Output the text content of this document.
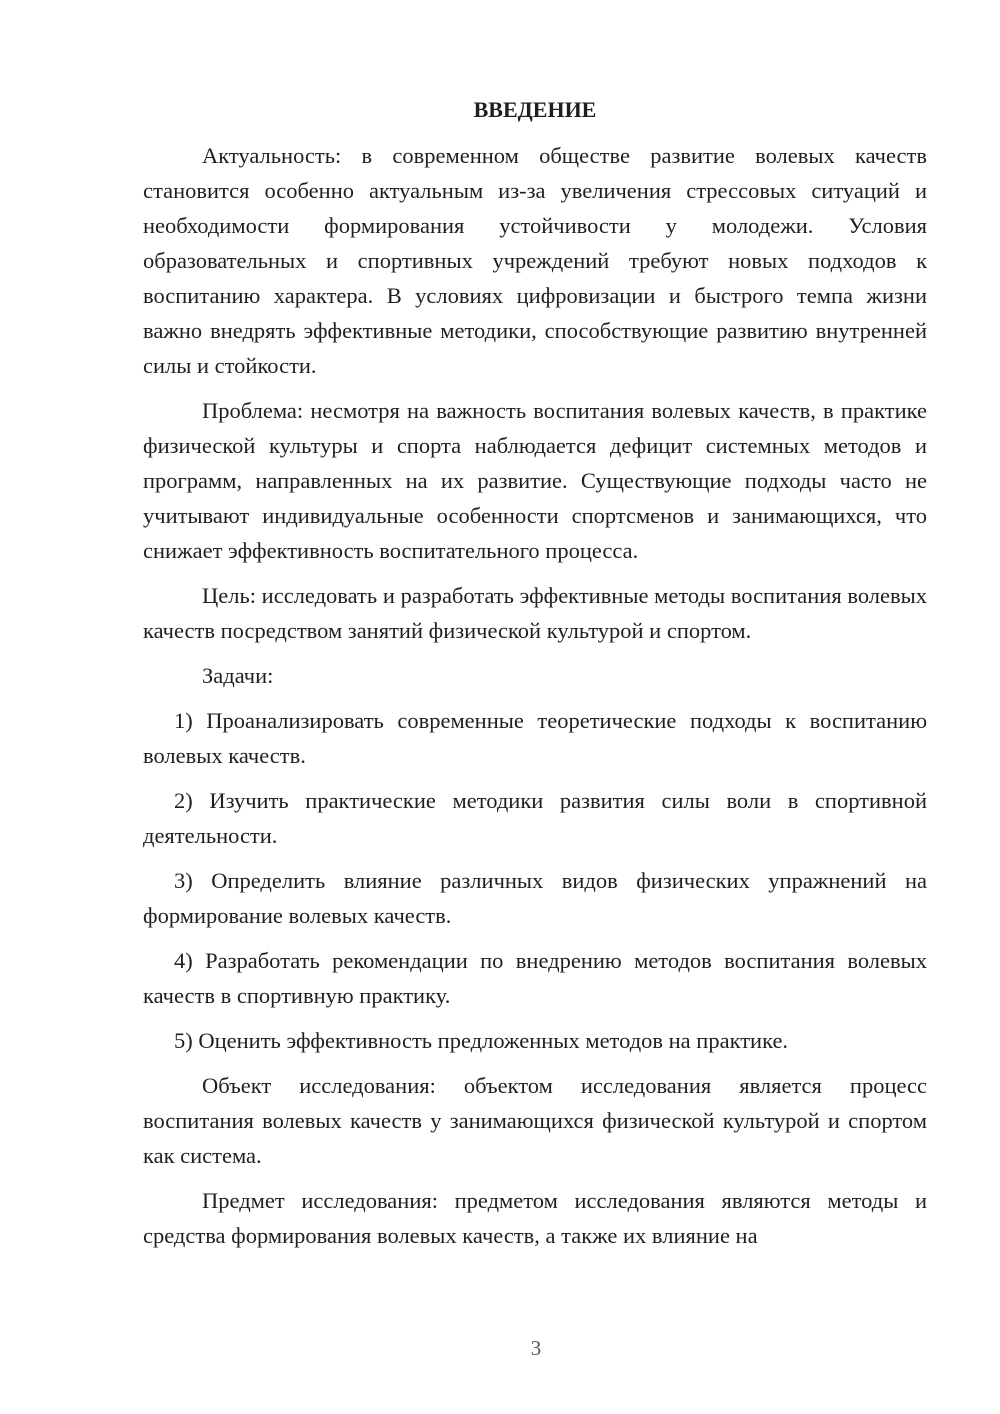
ВВЕДЕНИЕ

Актуальность: в современном обществе развитие волевых качеств становится особенно актуальным из-за увеличения стрессовых ситуаций и необходимости формирования устойчивости у молодежи. Условия образовательных и спортивных учреждений требуют новых подходов к воспитанию характера. В условиях цифровизации и быстрого темпа жизни важно внедрять эффективные методики, способствующие развитию внутренней силы и стойкости.

Проблема: несмотря на важность воспитания волевых качеств, в практике физической культуры и спорта наблюдается дефицит системных методов и программ, направленных на их развитие. Существующие подходы часто не учитывают индивидуальные особенности спортсменов и занимающихся, что снижает эффективность воспитательного процесса.

Цель: исследовать и разработать эффективные методы воспитания волевых качеств посредством занятий физической культурой и спортом.

Задачи:

1) Проанализировать современные теоретические подходы к воспитанию волевых качеств.

2) Изучить практические методики развития силы воли в спортивной деятельности.

3) Определить влияние различных видов физических упражнений на формирование волевых качеств.

4) Разработать рекомендации по внедрению методов воспитания волевых качеств в спортивную практику.

5) Оценить эффективность предложенных методов на практике.

Объект исследования: объектом исследования является процесс воспитания волевых качеств у занимающихся физической культурой и спортом как система.

Предмет исследования: предметом исследования являются методы и средства формирования волевых качеств, а также их влияние на

3
